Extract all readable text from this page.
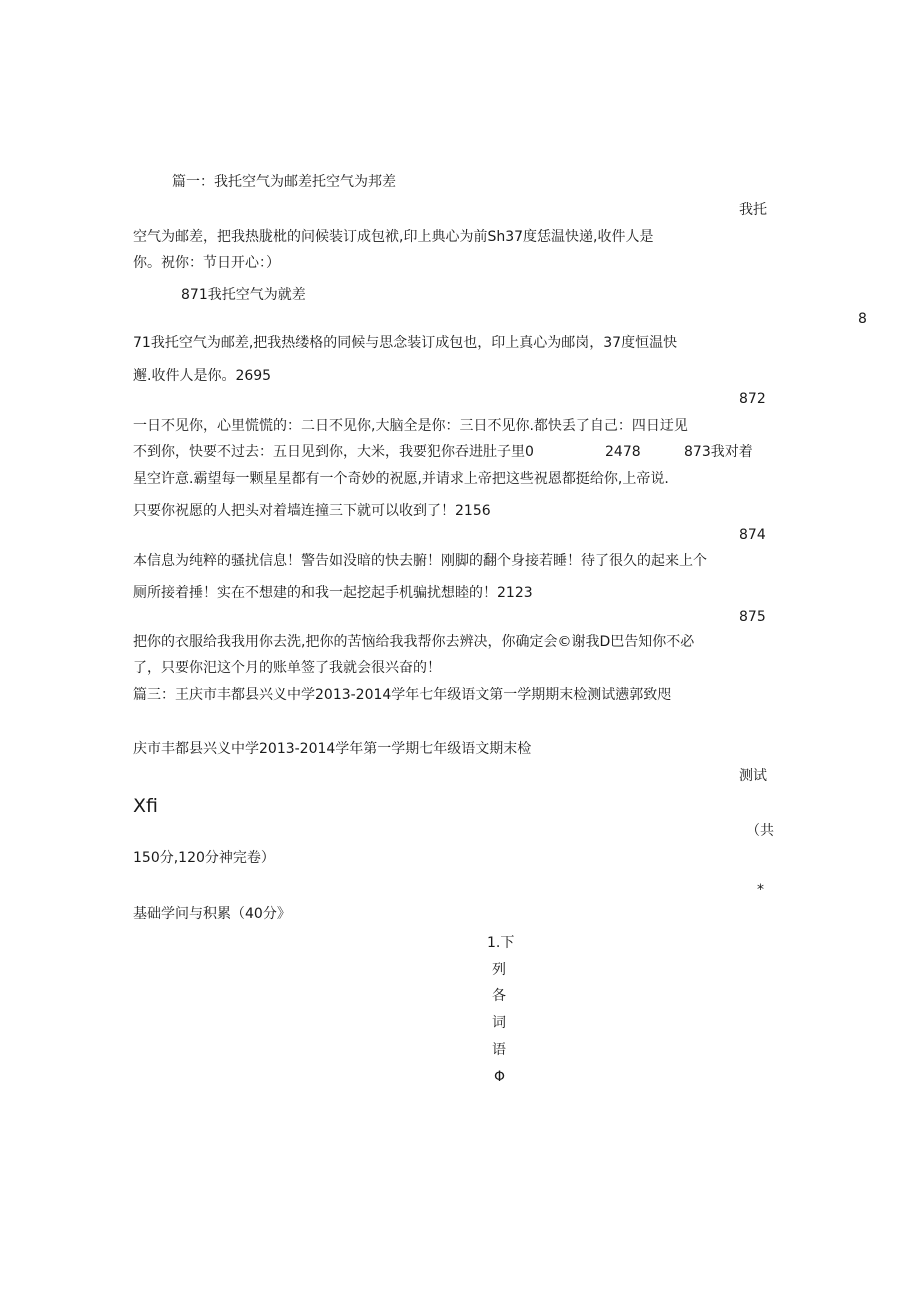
篇一：我托空气为邮差托空气为邦差
我托
空气为邮差，把我热胧枇的问候装订成包袱,印上典心为前Sh37度恁温快递,收件人是
你。祝你：节日开心：）
871我托空气为就差
8
71我托空气为邮差,把我热缕格的同候与思念装订成包也，印上真心为邮岗，37度恒温快
邂.收件人是你。2695
872
一日不见你，心里慌慌的：二日不见你,大脑全是你：三日不见你.都快丢了自己：四日迂见
不到你，快要不过去：五日见到你，大米，我要犯你吞进肚子里0	2478	873我对着
星空许意.霸望每一颗星星都有一个奇妙的祝愿,并请求上帝把这些祝恩都挺给你,上帝说.
只要你祝愿的人把头对着墙连撞三下就可以收到了！2156
874
本信息为纯粹的骚扰信息！警告如没暗的快去腑！刚脚的翻个身接若睡！待了很久的起来上个
厕所接着捶！实在不想建的和我一起挖起手机骗扰想睦的！2123
875
把你的衣服给我我用你去洗,把你的苦恼给我我帮你去辨决，你确定会©谢我D巴告知你不必
了，只要你汜这个月的账单签了我就会很兴奋的！
篇三：王庆市丰都县兴义中学2013-2014学年七年级语文第一学期期末检测试懑郭致咫
庆市丰都县兴义中学2013-2014学年第一学期七年级语文期末检
测试
Xfi
（共
150分,120分神完卷）
*
基础学问与积累（40分》
1.下
列
各
词
语
Φ
